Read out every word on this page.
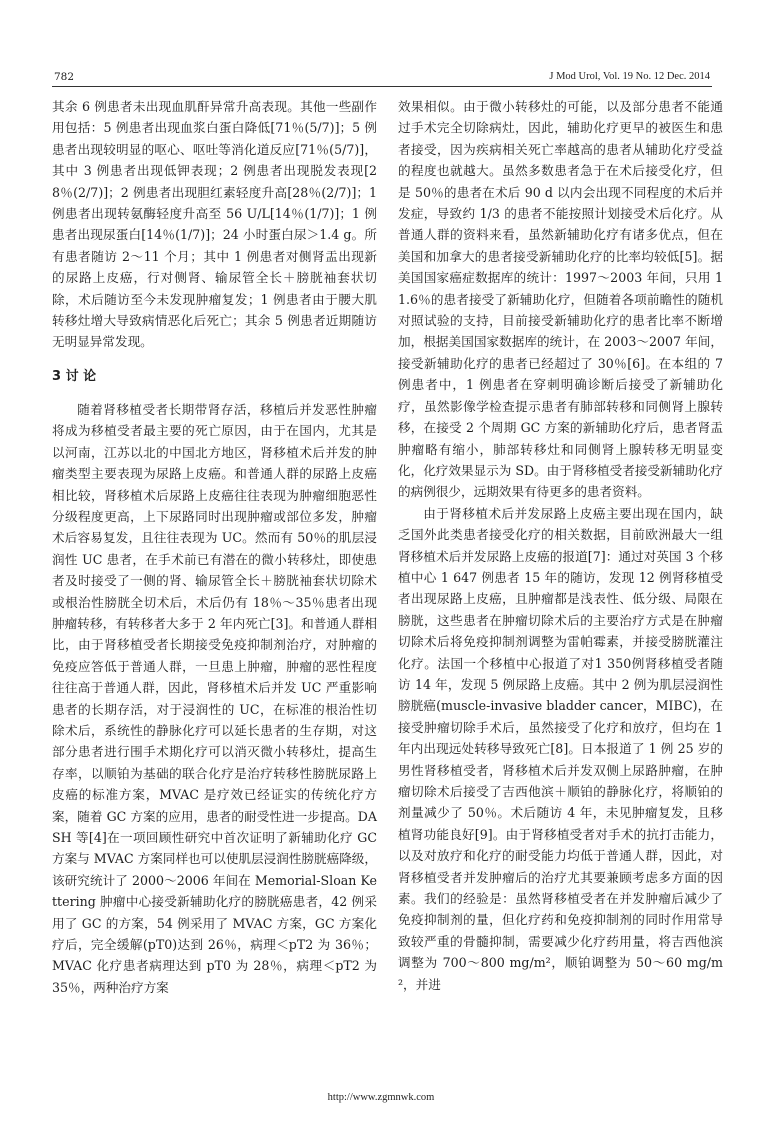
782	J Mod Urol, Vol. 19 No. 12 Dec. 2014

其余 6 例患者未出现血肌酐异常升高表现。其他一些副作用包括：5 例患者出现血浆白蛋白降低[71％(5/7)]；5 例患者出现较明显的呕心、呕吐等消化道反应[71％(5/7)]，其中 3 例患者出现低钾表现；2 例患者出现脱发表现[28％(2/7)]；2 例患者出现胆红素轻度升高[28％(2/7)]；1 例患者出现转氨酶轻度升高至 56 U/L[14％(1/7)]；1 例患者出现尿蛋白[14％(1/7)]；24 小时蛋白尿＞1.4 g。所有患者随访 2～11 个月；其中 1 例患者对侧肾盂出现新的尿路上皮癌，行对侧肾、输尿管全长＋膀胱袖套状切除，术后随访至今未发现肿瘤复发；1 例患者由于腰大肌转移灶增大导致病情恶化后死亡；其余 5 例患者近期随访无明显异常发现。

3 讨 论

随着肾移植受者长期带肾存活，移植后并发恶性肿瘤将成为移植受者最主要的死亡原因，由于在国内，尤其是以河南，江苏以北的中国北方地区，肾移植术后并发的肿瘤类型主要表现为尿路上皮癌。和普通人群的尿路上皮癌相比较，肾移植术后尿路上皮癌往往表现为肿瘤细胞恶性分级程度更高，上下尿路同时出现肿瘤或部位多发，肿瘤术后容易复发，且往往表现为 UC。然而有 50％的肌层浸润性 UC 患者，在手术前已有潜在的微小转移灶，即使患者及时接受了一侧的肾、输尿管全长＋膀胱袖套状切除术或根治性膀胱全切术后，术后仍有 18％～35％患者出现肿瘤转移，有转移者大多于 2 年内死亡[3]。和普通人群相比，由于肾移植受者长期接受免疫抑制剂治疗，对肿瘤的免疫应答低于普通人群，一旦患上肿瘤，肿瘤的恶性程度往往高于普通人群，因此，肾移植术后并发 UC 严重影响患者的长期存活，对于浸润性的 UC，在标准的根治性切除术后，系统性的静脉化疗可以延长患者的生存期，对这部分患者进行围手术期化疗可以消灭微小转移灶，提高生存率，以顺铂为基础的联合化疗是治疗转移性膀胱尿路上皮癌的标准方案，MVAC 是疗效已经证实的传统化疗方案，随着 GC 方案的应用，患者的耐受性进一步提高。DASH 等[4]在一项回顾性研究中首次证明了新辅助化疗 GC 方案与 MVAC 方案同样也可以使肌层浸润性膀胱癌降级，该研究统计了 2000～2006 年间在 Memorial-Sloan Kettering 肿瘤中心接受新辅助化疗的膀胱癌患者，42 例采用了 GC 的方案，54 例采用了 MVAC 方案，GC 方案化疗后，完全缓解(pT0)达到 26％，病理＜pT2 为 36％；MVAC 化疗患者病理达到 pT0 为 28％，病理＜pT2 为 35％，两种治疗方案

效果相似。由于微小转移灶的可能，以及部分患者不能通过手术完全切除病灶，因此，辅助化疗更早的被医生和患者接受，因为疾病相关死亡率越高的患者从辅助化疗受益的程度也就越大。虽然多数患者急于在术后接受化疗，但是 50％的患者在术后 90 d 以内会出现不同程度的术后并发症，导致约 1/3 的患者不能按照计划接受术后化疗。从普通人群的资料来看，虽然新辅助化疗有诸多优点，但在美国和加拿大的患者接受新辅助化疗的比率均较低[5]。据美国国家癌症数据库的统计：1997～2003 年间，只用 11.6％的患者接受了新辅助化疗，但随着各项前瞻性的随机对照试验的支持，目前接受新辅助化疗的患者比率不断增加，根据美国国家数据库的统计，在 2003～2007 年间，接受新辅助化疗的患者已经超过了 30％[6]。在本组的 7 例患者中，1 例患者在穿刺明确诊断后接受了新辅助化疗，虽然影像学检查提示患者有肺部转移和同侧肾上腺转移，在接受 2 个周期 GC 方案的新辅助化疗后，患者肾盂肿瘤略有缩小，肺部转移灶和同侧肾上腺转移无明显变化，化疗效果显示为 SD。由于肾移植受者接受新辅助化疗的病例很少，远期效果有待更多的患者资料。

由于肾移植术后并发尿路上皮癌主要出现在国内，缺乏国外此类患者接受化疗的相关数据，目前欧洲最大一组肾移植术后并发尿路上皮癌的报道[7]：通过对英国 3 个移植中心 1 647 例患者 15 年的随访，发现 12 例肾移植受者出现尿路上皮癌，且肿瘤都是浅表性、低分级、局限在膀胱，这些患者在肿瘤切除术后的主要治疗方式是在肿瘤切除术后将免疫抑制剂调整为雷帕霉素，并接受膀胱灌注化疗。法国一个移植中心报道了对1 350例肾移植受者随访 14 年，发现 5 例尿路上皮癌。其中 2 例为肌层浸润性膀胱癌(muscle-invasive bladder cancer，MIBC)，在接受肿瘤切除手术后，虽然接受了化疗和放疗，但均在 1 年内出现远处转移导致死亡[8]。日本报道了 1 例 25 岁的男性肾移植受者，肾移植术后并发双侧上尿路肿瘤，在肿瘤切除术后接受了吉西他滨＋顺铂的静脉化疗，将顺铂的剂量减少了 50％。术后随访 4 年，未见肿瘤复发，且移植肾功能良好[9]。由于肾移植受者对手术的抗打击能力，以及对放疗和化疗的耐受能力均低于普通人群，因此，对肾移植受者并发肿瘤后的治疗尤其要兼顾考虑多方面的因素。我们的经验是：虽然肾移植受者在并发肿瘤后减少了免疫抑制剂的量，但化疗药和免疫抑制剂的同时作用常导致较严重的骨髓抑制，需要减少化疗药用量，将吉西他滨调整为 700～800 mg/m²，顺铂调整为 50～60 mg/m²，并进

http://www.zgmnwk.com
